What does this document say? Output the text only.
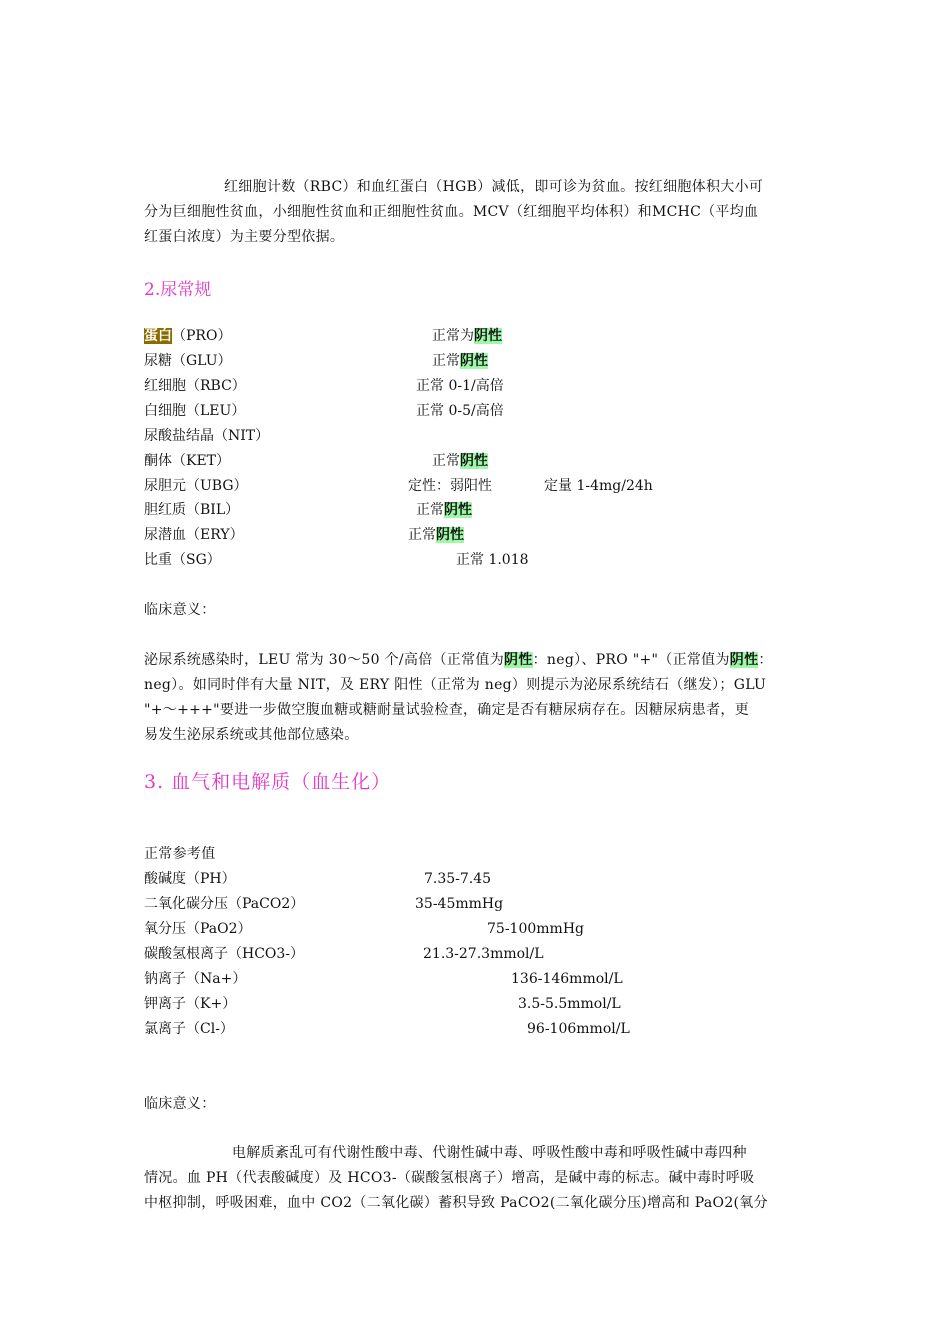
红细胞计数（RBC）和血红蛋白（HGB）减低，即可诊为贫血。按红细胞体积大小可
分为巨细胞性贫血，小细胞性贫血和正细胞性贫血。MCV（红细胞平均体积）和MCHC（平均血
红蛋白浓度）为主要分型依据。
2.尿常规
蛋白（PRO）	正常为阴性
尿糖（GLU）	正常阴性
红细胞（RBC）	正常 0-1/高倍
白细胞（LEU）	正常 0-5/高倍
尿酸盐结晶（NIT）
酮体（KET）	正常阴性
尿胆元（UBG）	定性：弱阳性	定量 1-4mg/24h
胆红质（BIL）	正常阴性
尿潜血（ERY）	正常阴性
比重（SG）	正常 1.018
临床意义：
泌尿系统感染时，LEU 常为 30～50 个/高倍（正常值为阴性：neg）、PRO "+"（正常值为阴性：
neg）。如同时伴有大量 NIT，及 ERY 阳性（正常为 neg）则提示为泌尿系统结石（继发）；GLU
"+～+++"要进一步做空腹血糖或糖耐量试验检查，确定是否有糖尿病存在。因糖尿病患者，更
易发生泌尿系统或其他部位感染。
3. 血气和电解质（血生化）
正常参考值
酸碱度（PH）	7.35-7.45
二氧化碳分压（PaCO2）	35-45mmHg
氧分压（PaO2）	75-100mmHg
碳酸氢根离子（HCO3-）	21.3-27.3mmol/L
钠离子（Na+）	136-146mmol/L
钾离子（K+）	3.5-5.5mmol/L
氯离子（Cl-）	96-106mmol/L
临床意义：
电解质紊乱可有代谢性酸中毒、代谢性碱中毒、呼吸性酸中毒和呼吸性碱中毒四种
情况。血 PH（代表酸碱度）及 HCO3-（碳酸氢根离子）增高，是碱中毒的标志。碱中毒时呼吸
中枢抑制，呼吸困难，血中 CO2（二氧化碳）蓄积导致 PaCO2(二氧化碳分压)增高和 PaO2(氧分
